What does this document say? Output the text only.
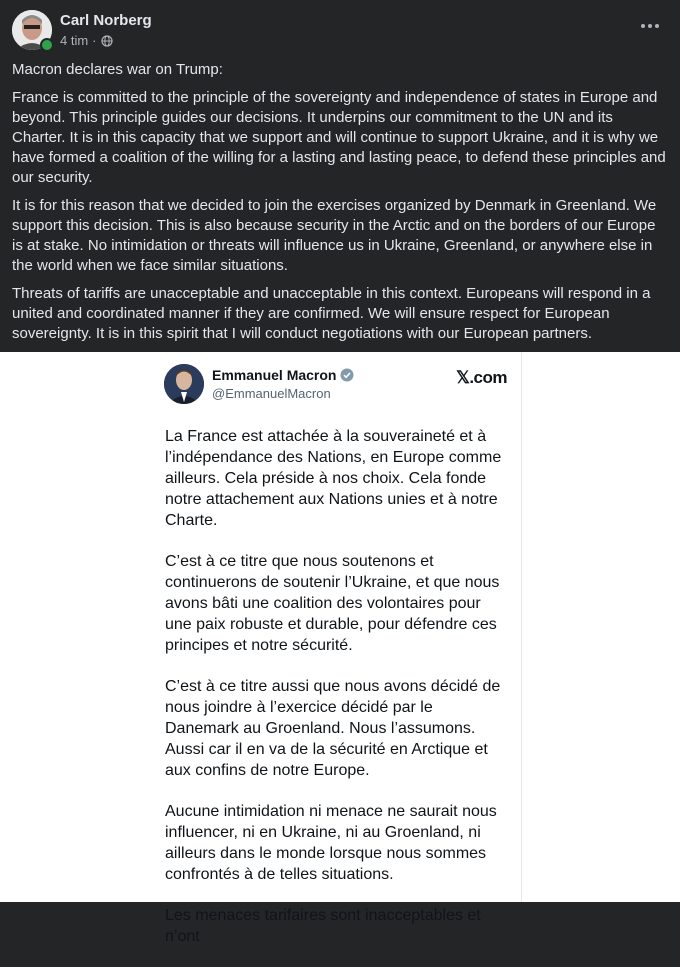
Carl Norberg
4 tim ·

Macron declares war on Trump:

France is committed to the principle of the sovereignty and independence of states in Europe and beyond. This principle guides our decisions. It underpins our commitment to the UN and its Charter. It is in this capacity that we support and will continue to support Ukraine, and it is why we have formed a coalition of the willing for a lasting and lasting peace, to defend these principles and our security.

It is for this reason that we decided to join the exercises organized by Denmark in Greenland. We support this decision. This is also because security in the Arctic and on the borders of our Europe is at stake. No intimidation or threats will influence us in Ukraine, Greenland, or anywhere else in the world when we face similar situations.

Threats of tariffs are unacceptable and unacceptable in this context. Europeans will respond in a united and coordinated manner if they are confirmed. We will ensure respect for European sovereignty. It is in this spirit that I will conduct negotiations with our European partners.

Emmanuel Macron
@EmmanuelMacron
𝕏.com

La France est attachée à la souveraineté et à l’indépendance des Nations, en Europe comme ailleurs. Cela préside à nos choix. Cela fonde notre attachement aux Nations unies et à notre Charte.

C’est à ce titre que nous soutenons et continuerons de soutenir l’Ukraine, et que nous avons bâti une coalition des volontaires pour une paix robuste et durable, pour défendre ces principes et notre sécurité.

C’est à ce titre aussi que nous avons décidé de nous joindre à l’exercice décidé par le Danemark au Groenland. Nous l’assumons. Aussi car il en va de la sécurité en Arctique et aux confins de notre Europe.

Aucune intimidation ni menace ne saurait nous influencer, ni en Ukraine, ni au Groenland, ni ailleurs dans le monde lorsque nous sommes confrontés à de telles situations.

Les menaces tarifaires sont inacceptables et n’ont
